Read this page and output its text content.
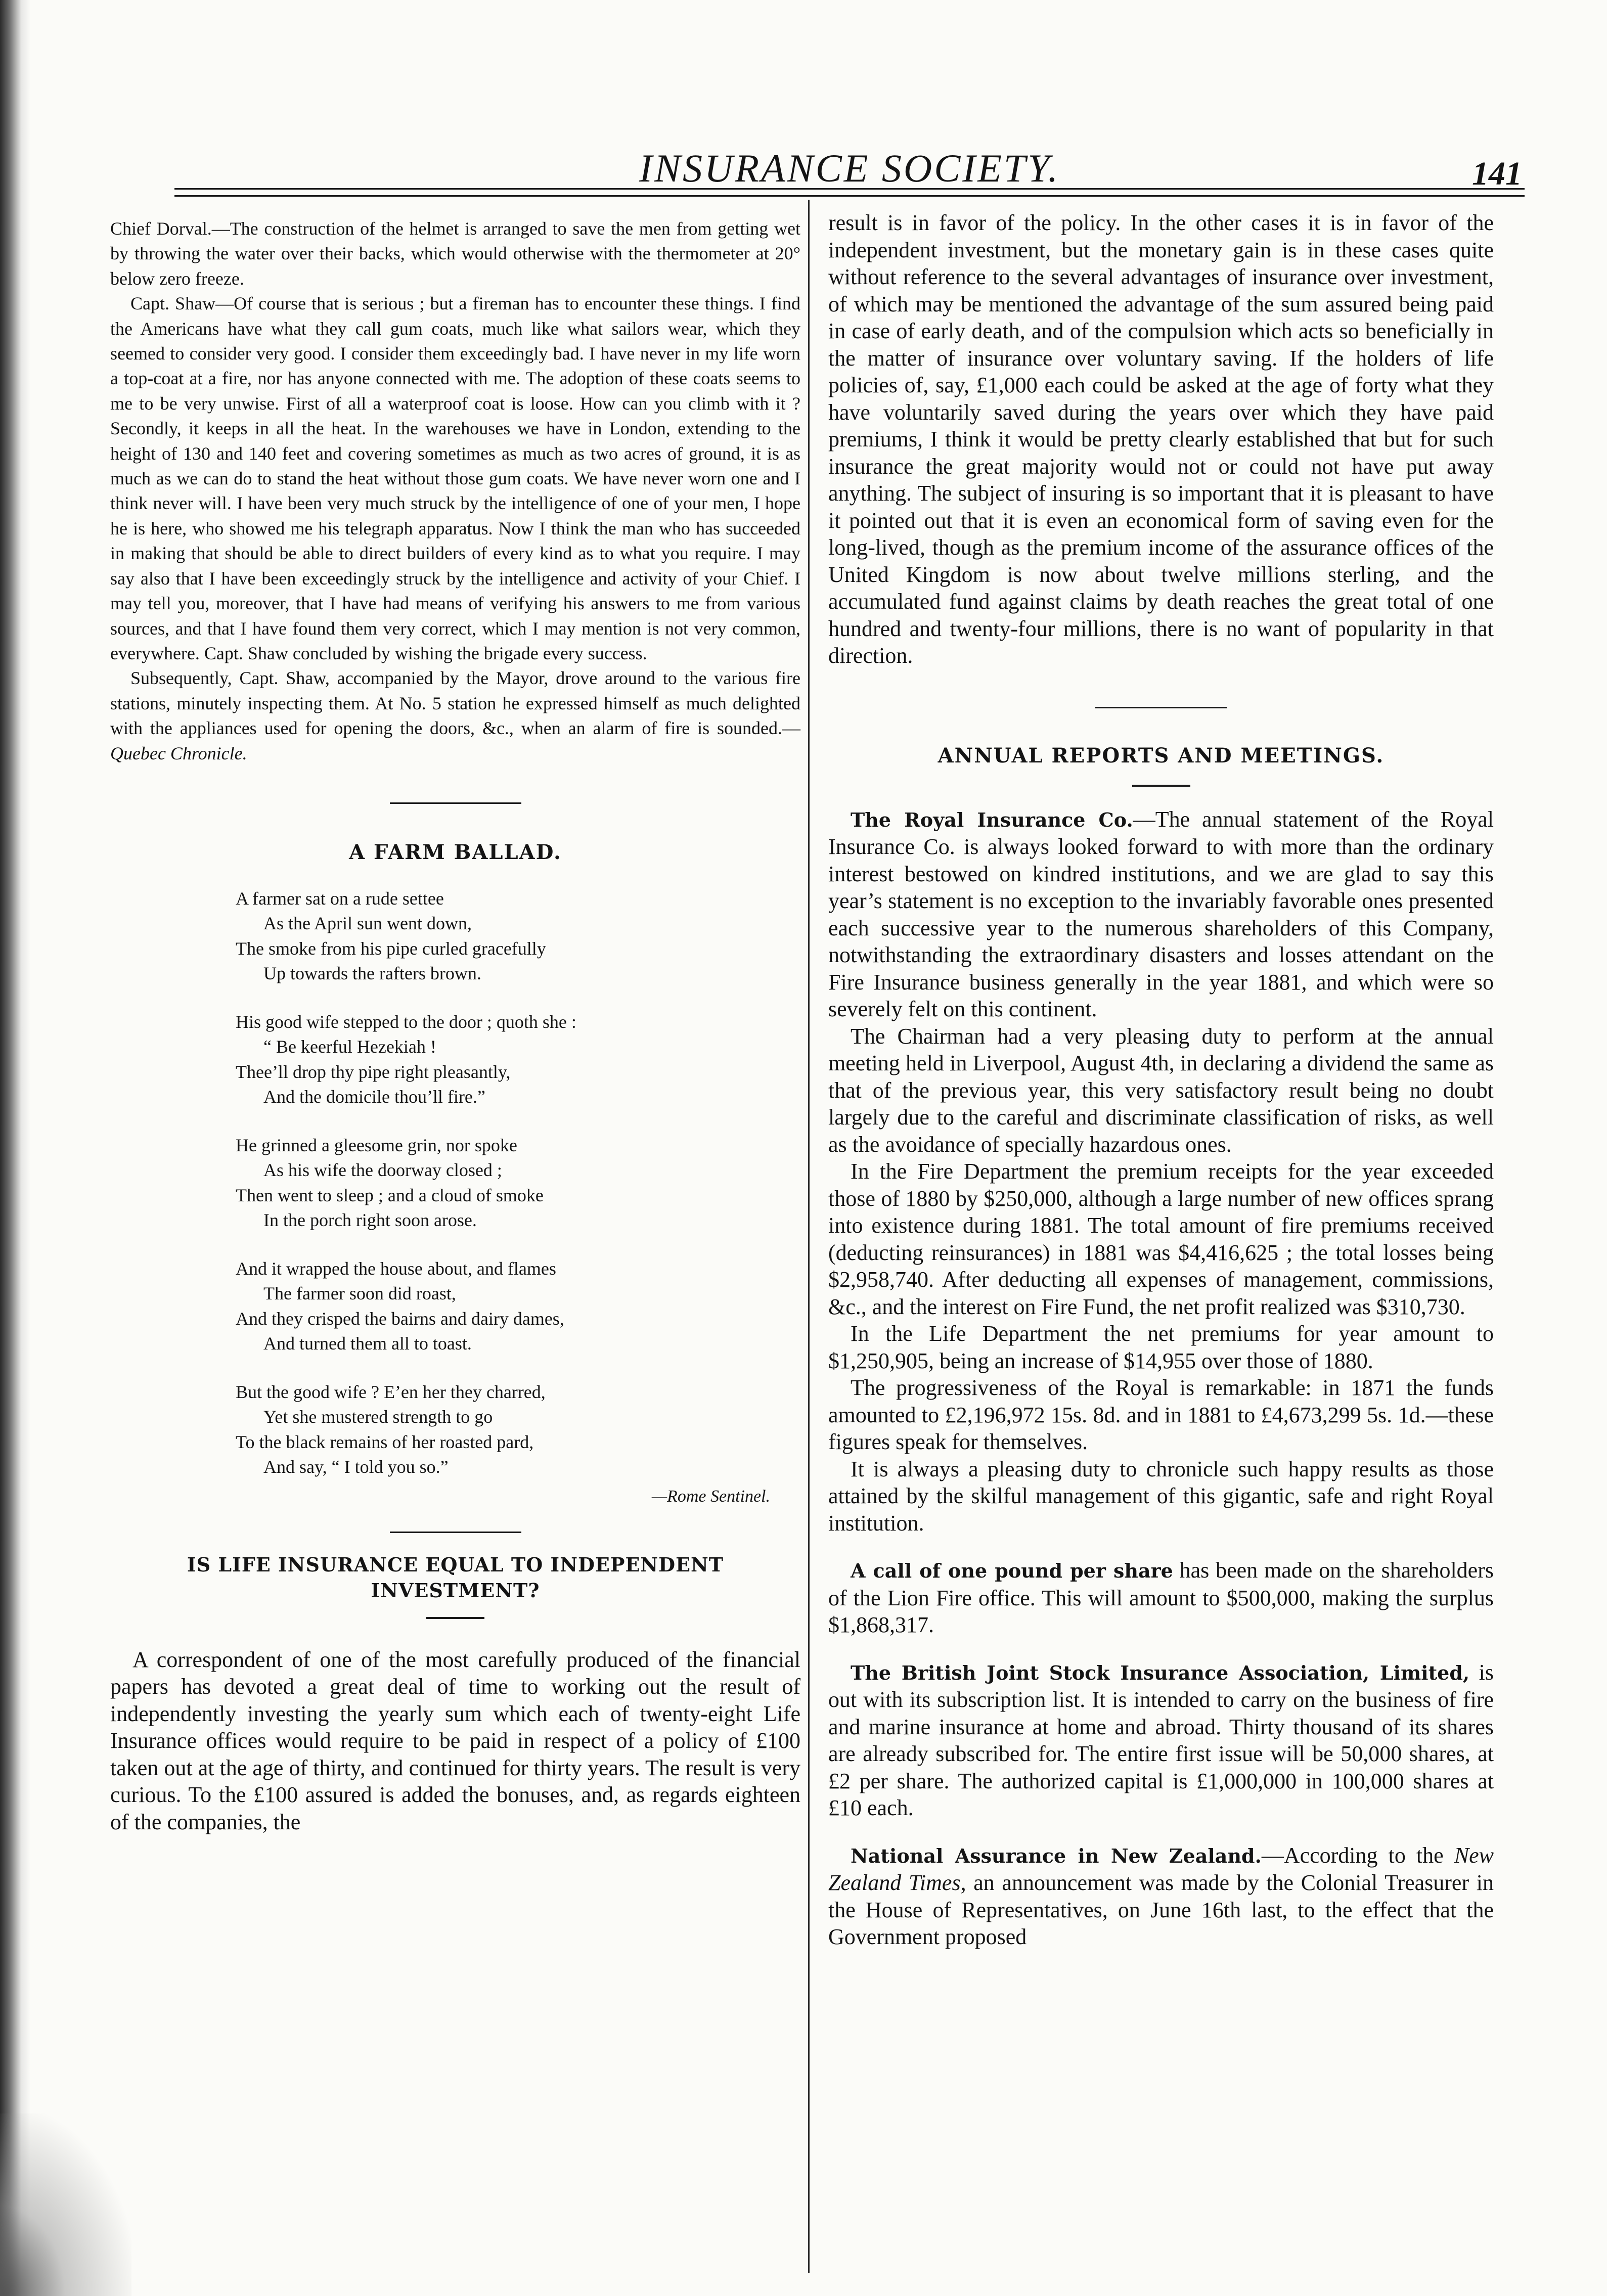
INSURANCE SOCIETY.	141

Chief Dorval.—The construction of the helmet is arranged to save the men from getting wet by throwing the water over their backs, which would otherwise with the thermometer at 20° below zero freeze.

Capt. Shaw—Of course that is serious ; but a fireman has to encounter these things. I find the Americans have what they call gum coats, much like what sailors wear, which they seemed to consider very good. I consider them exceedingly bad. I have never in my life worn a top-coat at a fire, nor has anyone connected with me. The adoption of these coats seems to me to be very unwise. First of all a waterproof coat is loose. How can you climb with it ? Secondly, it keeps in all the heat. In the warehouses we have in London, extending to the height of 130 and 140 feet and covering sometimes as much as two acres of ground, it is as much as we can do to stand the heat without those gum coats. We have never worn one and I think never will. I have been very much struck by the intelligence of one of your men, I hope he is here, who showed me his telegraph apparatus. Now I think the man who has succeeded in making that should be able to direct builders of every kind as to what you require. I may say also that I have been exceedingly struck by the intelligence and activity of your Chief. I may tell you, moreover, that I have had means of verifying his answers to me from various sources, and that I have found them very correct, which I may mention is not very common, everywhere. Capt. Shaw concluded by wishing the brigade every success.

Subsequently, Capt. Shaw, accompanied by the Mayor, drove around to the various fire stations, minutely inspecting them. At No. 5 station he expressed himself as much delighted with the appliances used for opening the doors, &c., when an alarm of fire is sounded.—Quebec Chronicle.

A FARM BALLAD.
A farmer sat on a rude settee
As the April sun went down,
The smoke from his pipe curled gracefully
Up towards the rafters brown.
His good wife stepped to the door ; quoth she :
“ Be keerful Hezekiah !
Thee’ll drop thy pipe right pleasantly,
And the domicile thou’ll fire.”
He grinned a gleesome grin, nor spoke
As his wife the doorway closed ;
Then went to sleep ; and a cloud of smoke
In the porch right soon arose.
And it wrapped the house about, and flames
The farmer soon did roast,
And they crisped the bairns and dairy dames,
And turned them all to toast.
But the good wife ? E’en her they charred,
Yet she mustered strength to go
To the black remains of her roasted pard,
And say, “ I told you so.”
—Rome Sentinel.
IS LIFE INSURANCE EQUAL TO INDEPENDENT
INVESTMENT?

A correspondent of one of the most carefully produced of the financial papers has devoted a great deal of time to working out the result of independently investing the yearly sum which each of twenty-eight Life Insurance offices would require to be paid in respect of a policy of £100 taken out at the age of thirty, and continued for thirty years. The result is very curious. To the £100 assured is added the bonuses, and, as regards eighteen of the companies, the

result is in favor of the policy. In the other cases it is in favor of the independent investment, but the monetary gain is in these cases quite without reference to the several advantages of insurance over investment, of which may be mentioned the advantage of the sum assured being paid in case of early death, and of the compulsion which acts so beneficially in the matter of insurance over voluntary saving. If the holders of life policies of, say, £1,000 each could be asked at the age of forty what they have voluntarily saved during the years over which they have paid premiums, I think it would be pretty clearly established that but for such insurance the great majority would not or could not have put away anything. The subject of insuring is so important that it is pleasant to have it pointed out that it is even an economical form of saving even for the long-lived, though as the premium income of the assurance offices of the United Kingdom is now about twelve millions sterling, and the accumulated fund against claims by death reaches the great total of one hundred and twenty-four millions, there is no want of popularity in that direction.

ANNUAL REPORTS AND MEETINGS.

The Royal Insurance Co.—The annual statement of the Royal Insurance Co. is always looked forward to with more than the ordinary interest bestowed on kindred institutions, and we are glad to say this year’s statement is no exception to the invariably favorable ones presented each successive year to the numerous shareholders of this Company, notwithstanding the extraordinary disasters and losses attendant on the Fire Insurance business generally in the year 1881, and which were so severely felt on this continent.

The Chairman had a very pleasing duty to perform at the annual meeting held in Liverpool, August 4th, in declaring a dividend the same as that of the previous year, this very satisfactory result being no doubt largely due to the careful and discriminate classification of risks, as well as the avoidance of specially hazardous ones.

In the Fire Department the premium receipts for the year exceeded those of 1880 by $250,000, although a large number of new offices sprang into existence during 1881. The total amount of fire premiums received (deducting reinsurances) in 1881 was $4,416,625 ; the total losses being $2,958,740. After deducting all expenses of management, commissions, &c., and the interest on Fire Fund, the net profit realized was $310,730.

In the Life Department the net premiums for year amount to $1,250,905, being an increase of $14,955 over those of 1880.

The progressiveness of the Royal is remarkable: in 1871 the funds amounted to £2,196,972 15s. 8d. and in 1881 to £4,673,299 5s. 1d.—these figures speak for themselves.

It is always a pleasing duty to chronicle such happy results as those attained by the skilful management of this gigantic, safe and right Royal institution.

A call of one pound per share has been made on the shareholders of the Lion Fire office. This will amount to $500,000, making the surplus $1,868,317.

The British Joint Stock Insurance Association, Limited, is out with its subscription list. It is intended to carry on the business of fire and marine insurance at home and abroad. Thirty thousand of its shares are already subscribed for. The entire first issue will be 50,000 shares, at £2 per share. The authorized capital is £1,000,000 in 100,000 shares at £10 each.

National Assurance in New Zealand.—According to the New Zealand Times, an announcement was made by the Colonial Treasurer in the House of Representatives, on June 16th last, to the effect that the Government proposed
